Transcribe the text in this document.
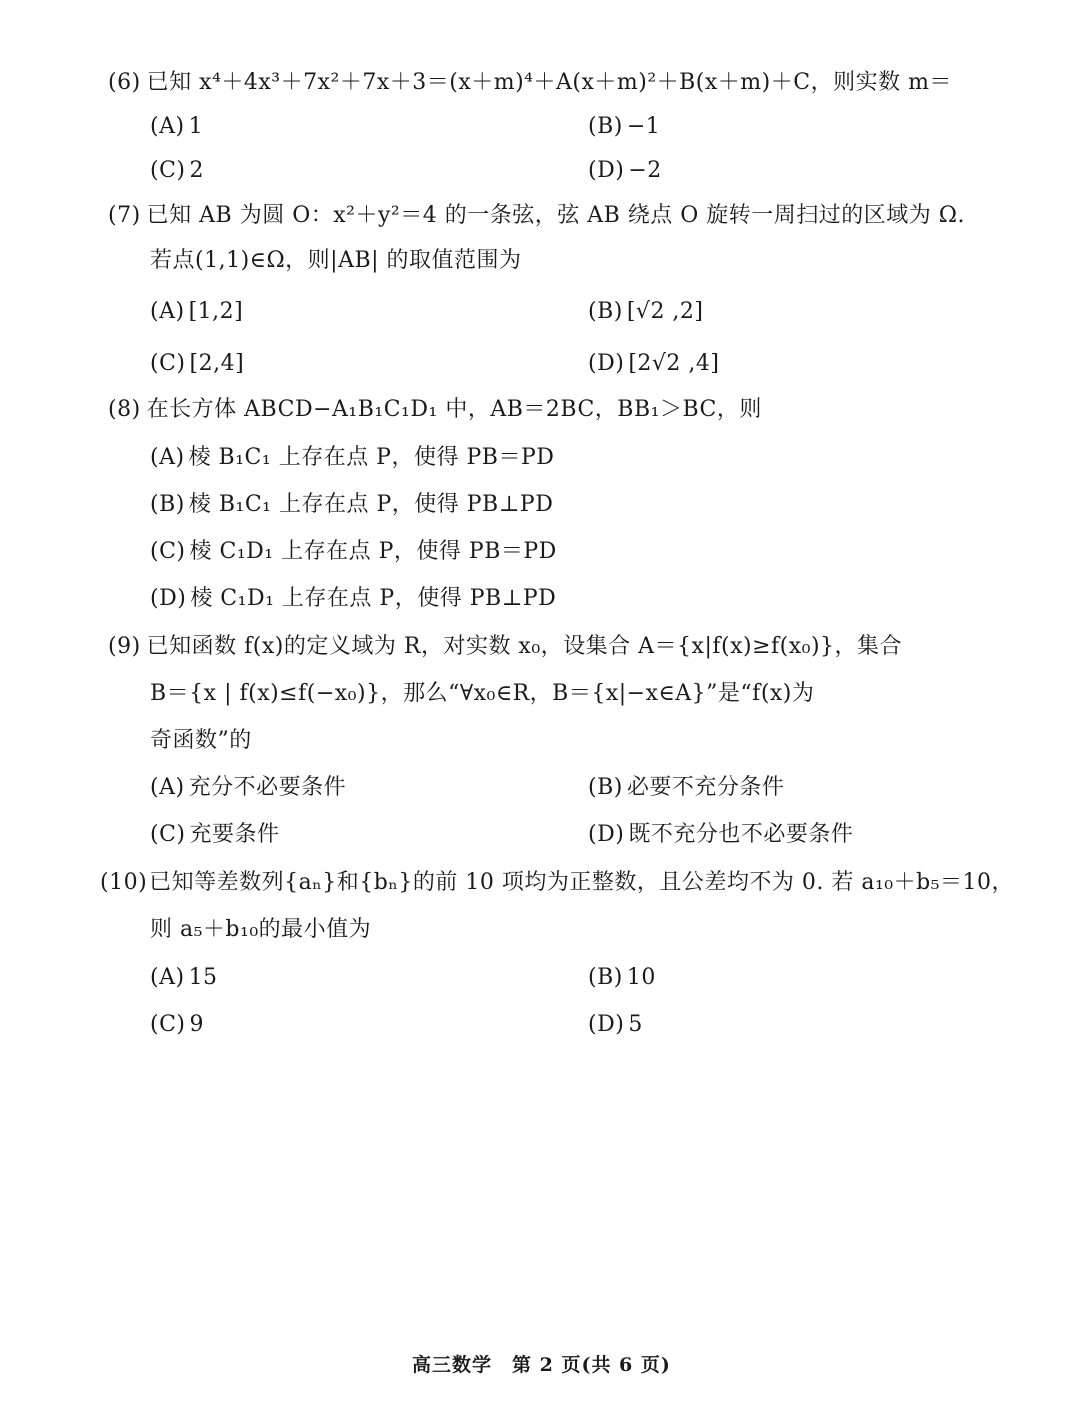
(6) 已知 x⁴＋4x³＋7x²＋7x＋3＝(x＋m)⁴＋A(x＋m)²＋B(x＋m)＋C，则实数 m＝
(A) 1	(B) −1
(C) 2	(D) −2
(7) 已知 AB 为圆 O：x²＋y²＝4 的一条弦，弦 AB 绕点 O 旋转一周扫过的区域为 Ω.
若点(1,1)∈Ω，则|AB| 的取值范围为
(A) [1,2]	(B) [√2 ,2]
(C) [2,4]	(D) [2√2 ,4]
(8) 在长方体 ABCD−A₁B₁C₁D₁ 中，AB＝2BC，BB₁＞BC，则
(A) 棱 B₁C₁ 上存在点 P，使得 PB＝PD
(B) 棱 B₁C₁ 上存在点 P，使得 PB⊥PD
(C) 棱 C₁D₁ 上存在点 P，使得 PB＝PD
(D) 棱 C₁D₁ 上存在点 P，使得 PB⊥PD
(9) 已知函数 f(x)的定义域为 R，对实数 x₀，设集合 A＝{x|f(x)≥f(x₀)}，集合
B＝{x | f(x)≤f(−x₀)}，那么“∀x₀∈R，B＝{x|−x∈A}”是“f(x)为
奇函数”的
(A) 充分不必要条件	(B) 必要不充分条件
(C) 充要条件	(D) 既不充分也不必要条件
(10)已知等差数列{aₙ}和{bₙ}的前 10 项均为正整数，且公差均不为 0. 若 a₁₀＋b₅＝10，
则 a₅＋b₁₀的最小值为
(A) 15	(B) 10
(C) 9	(D) 5
高三数学　第 2 页(共 6 页)
